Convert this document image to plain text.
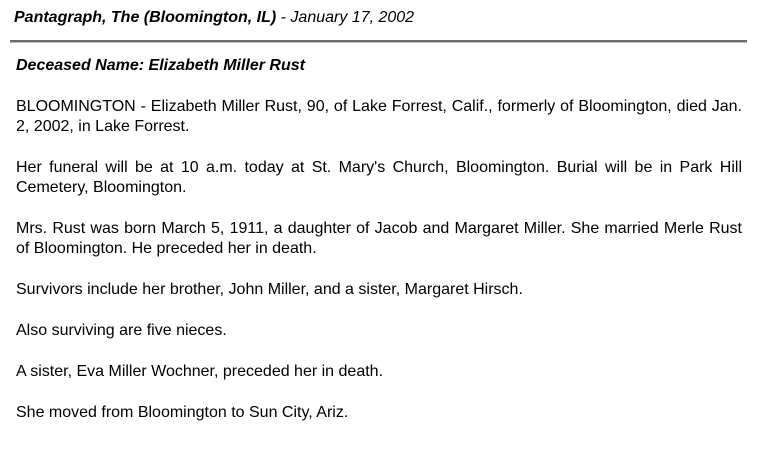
Pantagraph, The (Bloomington, IL) - January 17, 2002
Deceased Name: Elizabeth Miller Rust

BLOOMINGTON - Elizabeth Miller Rust, 90, of Lake Forrest, Calif., formerly of Bloomington, died Jan. 2, 2002, in Lake Forrest.

Her funeral will be at 10 a.m. today at St. Mary's Church, Bloomington. Burial will be in Park Hill Cemetery, Bloomington.

Mrs. Rust was born March 5, 1911, a daughter of Jacob and Margaret Miller. She married Merle Rust of Bloomington. He preceded her in death.

Survivors include her brother, John Miller, and a sister, Margaret Hirsch.

Also surviving are five nieces.

A sister, Eva Miller Wochner, preceded her in death.

She moved from Bloomington to Sun City, Ariz.
